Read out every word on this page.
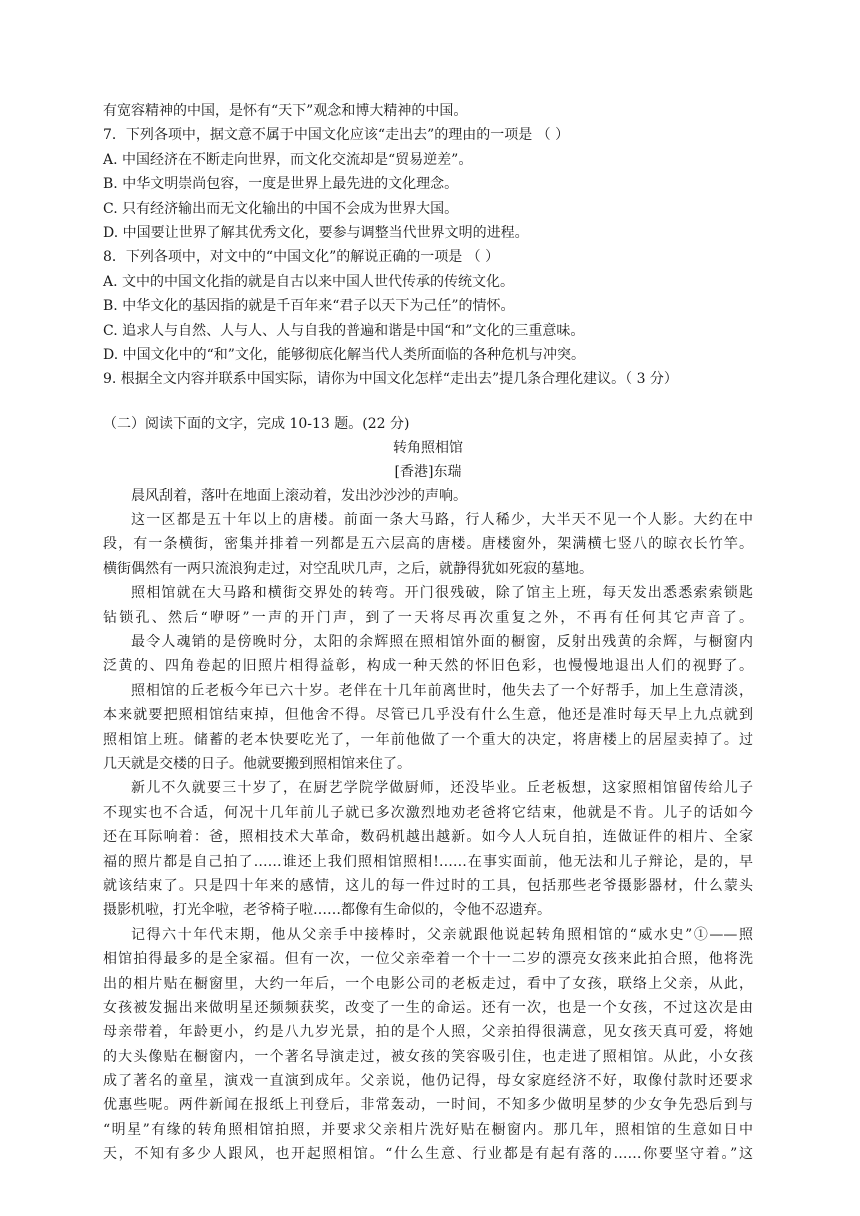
有宽容精神的中国，是怀有“天下”观念和博大精神的中国。
7．下列各项中，据文意不属于中国文化应该“走出去”的理由的一项是 （ ）
A. 中国经济在不断走向世界，而文化交流却是“贸易逆差”。
B. 中华文明崇尚包容，一度是世界上最先进的文化理念。
C. 只有经济输出而无文化输出的中国不会成为世界大国。
D. 中国要让世界了解其优秀文化，要参与调整当代世界文明的进程。
8．下列各项中，对文中的“中国文化”的解说正确的一项是 （ ）
A. 文中的中国文化指的就是自古以来中国人世代传承的传统文化。
B. 中华文化的基因指的就是千百年来“君子以天下为己任”的情怀。
C. 追求人与自然、人与人、人与自我的普遍和谐是中国“和”文化的三重意味。
D. 中国文化中的“和”文化，能够彻底化解当代人类所面临的各种危机与冲突。
9. 根据全文内容并联系中国实际，请你为中国文化怎样“走出去”提几条合理化建议。（ 3 分）
（二）阅读下面的文字，完成 10-13 题。(22 分)
转角照相馆
[香港]东瑞
晨风刮着，落叶在地面上滚动着，发出沙沙沙的声响。
这一区都是五十年以上的唐楼。前面一条大马路，行人稀少，大半天不见一个人影。大约在中
段，有一条横街，密集并排着一列都是五六层高的唐楼。唐楼窗外，架满横七竖八的晾衣长竹竿。
横街偶然有一两只流浪狗走过，对空乱吠几声，之后，就静得犹如死寂的墓地。
照相馆就在大马路和横街交界处的转弯。开门很残破，除了馆主上班，每天发出悉悉索索锁匙
钻锁孔、然后“咿呀”一声的开门声，到了一天将尽再次重复之外，不再有任何其它声音了。
最令人魂销的是傍晚时分，太阳的余辉照在照相馆外面的橱窗，反射出残黄的余辉，与橱窗内
泛黄的、四角卷起的旧照片相得益彰，构成一种天然的怀旧色彩，也慢慢地退出人们的视野了。
照相馆的丘老板今年已六十岁。老伴在十几年前离世时，他失去了一个好帮手，加上生意清淡，
本来就要把照相馆结束掉，但他舍不得。尽管已几乎没有什么生意，他还是准时每天早上九点就到
照相馆上班。储蓄的老本快要吃光了，一年前他做了一个重大的决定，将唐楼上的居屋卖掉了。过
几天就是交楼的日子。他就要搬到照相馆来住了。
新儿不久就要三十岁了，在厨艺学院学做厨师，还没毕业。丘老板想，这家照相馆留传给儿子
不现实也不合适，何况十几年前儿子就已多次激烈地劝老爸将它结束，他就是不肯。儿子的话如今
还在耳际响着：爸，照相技术大革命，数码机越出越新。如今人人玩自拍，连做证件的相片、全家
福的照片都是自己拍了……谁还上我们照相馆照相!……在事实面前，他无法和儿子辩论，是的，早
就该结束了。只是四十年来的感情，这儿的每一件过时的工具，包括那些老爷摄影器材，什么蒙头
摄影机啦，打光伞啦，老爷椅子啦……都像有生命似的，令他不忍遗弃。
记得六十年代末期，他从父亲手中接棒时，父亲就跟他说起转角照相馆的“威水史”①——照
相馆拍得最多的是全家福。但有一次，一位父亲牵着一个十一二岁的漂亮女孩来此拍合照，他将洗
出的相片贴在橱窗里，大约一年后，一个电影公司的老板走过，看中了女孩，联络上父亲，从此，
女孩被发掘出来做明星还频频获奖，改变了一生的命运。还有一次，也是一个女孩，不过这次是由
母亲带着，年龄更小，约是八九岁光景，拍的是个人照，父亲拍得很满意，见女孩天真可爱，将她
的大头像贴在橱窗内，一个著名导演走过，被女孩的笑容吸引住，也走进了照相馆。从此，小女孩
成了著名的童星，演戏一直演到成年。父亲说，他仍记得，母女家庭经济不好，取像付款时还要求
优惠些呢。两件新闻在报纸上刊登后，非常轰动，一时间，不知多少做明星梦的少女争先恐后到与
“明星”有缘的转角照相馆拍照，并要求父亲相片洗好贴在橱窗内。那几年，照相馆的生意如日中
天，不知有多少人跟风，也开起照相馆。“什么生意、行业都是有起有落的……你要坚守着。”这
